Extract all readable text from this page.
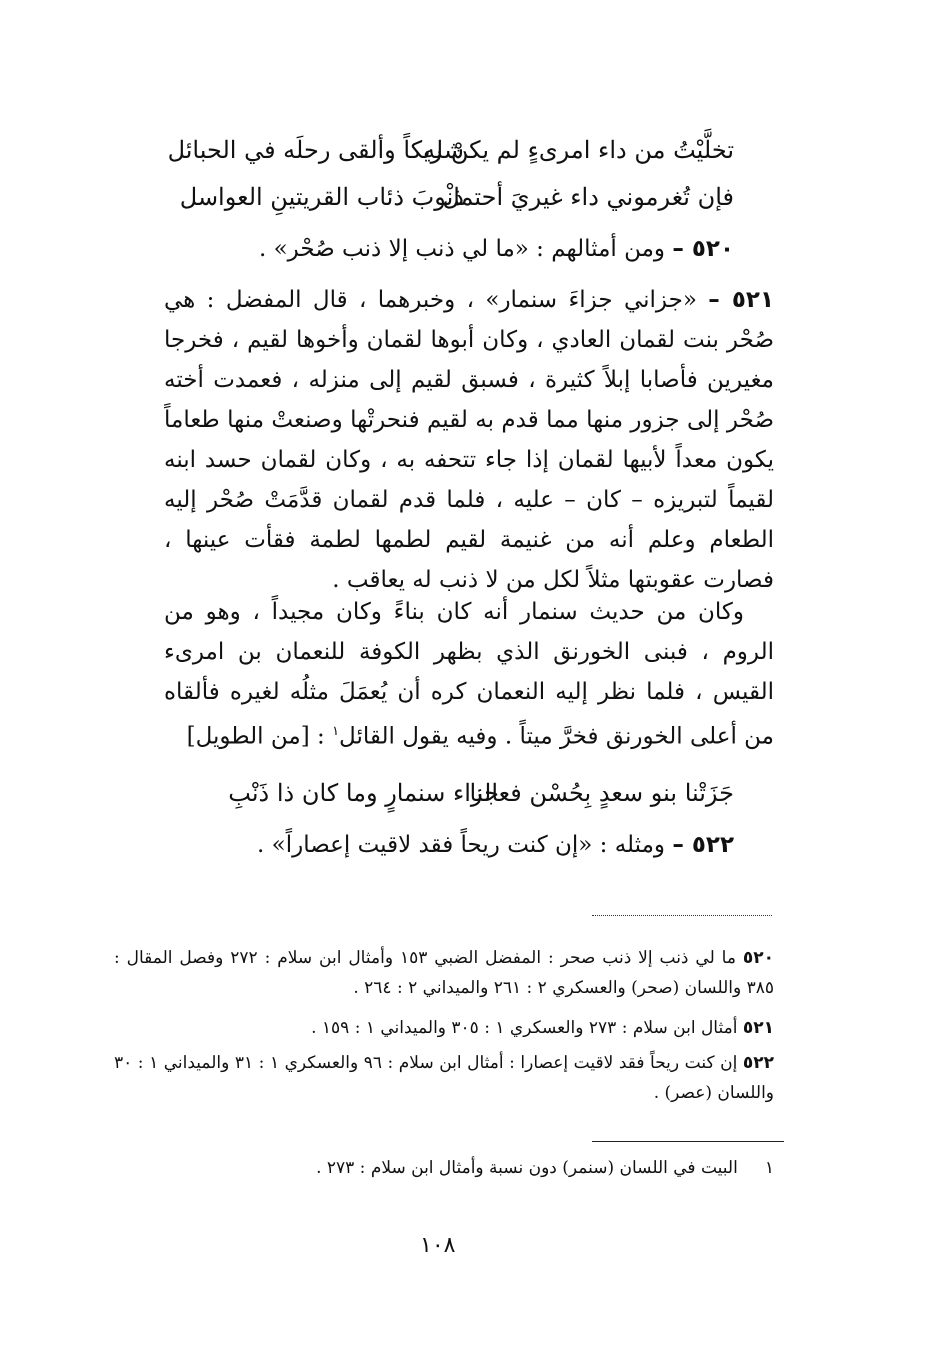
تخلَّيْتُ من داء امرىءٍ لم يكنْ له
شريكاً وألقى رحلَه في الحبائل
فإن تُغرموني داء غيريَ أحتملْ
ذنوبَ ذئاب القريتينِ العواسل
٥٢٠ – ومن أمثالهم : «ما لي ذنب إلا ذنب صُحْر» .
٥٢١ – «جزاني جزاءَ سنمار» ، وخبرهما ، قال المفضل : هي صُحْر بنت لقمان العادي ، وكان أبوها لقمان وأخوها لقيم ، فخرجا مغيرين فأصابا إبلاً كثيرة ، فسبق لقيم إلى منزله ، فعمدت أخته صُحْر إلى جزور منها مما قدم به لقيم فنحرتْها وصنعتْ منها طعاماً يكون معداً لأبيها لقمان إذا جاء تتحفه به ، وكان لقمان حسد ابنه لقيماً لتبريزه – كان – عليه ، فلما قدم لقمان قدَّمَتْ صُحْر إليه الطعام وعلم أنه من غنيمة لقيم لطمها لطمة فقأت عينها ، فصارت عقوبتها مثلاً لكل من لا ذنب له يعاقب .
وكان من حديث سنمار أنه كان بناءً وكان مجيداً ، وهو من الروم ، فبنى الخورنق الذي بظهر الكوفة للنعمان بن امرىء القيس ، فلما نظر إليه النعمان كره أن يُعمَلَ مثلُه لغيره فألقاه من أعلى الخورنق فخرَّ ميتاً . وفيه يقول القائل$^١$ : [من الطويل]
جَزَتْنا بنو سعدٍ بِحُسْن فعالنا
جزاء سنمارٍ وما كان ذا ذَنْبِ
٥٢٢ – ومثله : «إن كنت ريحاً فقد لاقيت إعصاراً» .
٥٢٠ ما لي ذنب إلا ذنب صحر : المفضل الضبي ١٥٣ وأمثال ابن سلام : ٢٧٢ وفصل المقال : ٣٨٥ واللسان (صحر) والعسكري ٢ : ٢٦١ والميداني ٢ : ٢٦٤ .
٥٢١ أمثال ابن سلام : ٢٧٣ والعسكري ١ : ٣٠٥ والميداني ١ : ١٥٩ .
٥٢٢ إن كنت ريحاً فقد لاقيت إعصارا : أمثال ابن سلام : ٩٦ والعسكري ١ : ٣١ والميداني ١ : ٣٠ واللسان (عصر) .
١     البيت في اللسان (سنمر) دون نسبة وأمثال ابن سلام : ٢٧٣ .
١٠٨
